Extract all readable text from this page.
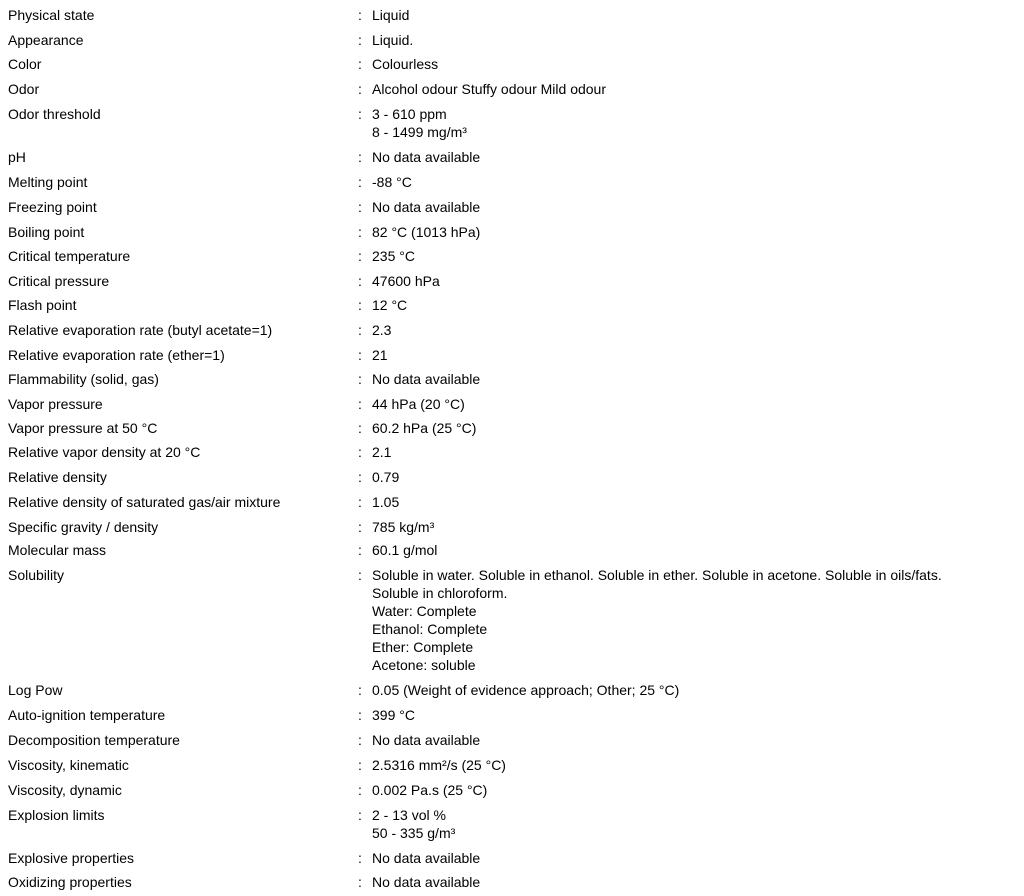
Physical state	: Liquid
Appearance	: Liquid.
Color	: Colourless
Odor	: Alcohol odour Stuffy odour Mild odour
Odor threshold	: 3 - 610 ppm
8 - 1499 mg/m³
pH	: No data available
Melting point	: -88 °C
Freezing point	: No data available
Boiling point	: 82 °C (1013 hPa)
Critical temperature	: 235 °C
Critical pressure	: 47600 hPa
Flash point	: 12 °C
Relative evaporation rate (butyl acetate=1)	: 2.3
Relative evaporation rate (ether=1)	: 21
Flammability (solid, gas)	: No data available
Vapor pressure	: 44 hPa (20 °C)
Vapor pressure at 50 °C	: 60.2 hPa (25 °C)
Relative vapor density at 20 °C	: 2.1
Relative density	: 0.79
Relative density of saturated gas/air mixture	: 1.05
Specific gravity / density	: 785 kg/m³
Molecular mass	: 60.1 g/mol
Solubility	: Soluble in water. Soluble in ethanol. Soluble in ether. Soluble in acetone. Soluble in oils/fats.
Soluble in chloroform.
Water: Complete
Ethanol: Complete
Ether: Complete
Acetone: soluble
Log Pow	: 0.05 (Weight of evidence approach; Other; 25 °C)
Auto-ignition temperature	: 399 °C
Decomposition temperature	: No data available
Viscosity, kinematic	: 2.5316 mm²/s (25 °C)
Viscosity, dynamic	: 0.002 Pa.s (25 °C)
Explosion limits	: 2 - 13 vol %
50 - 335 g/m³
Explosive properties	: No data available
Oxidizing properties	: No data available
